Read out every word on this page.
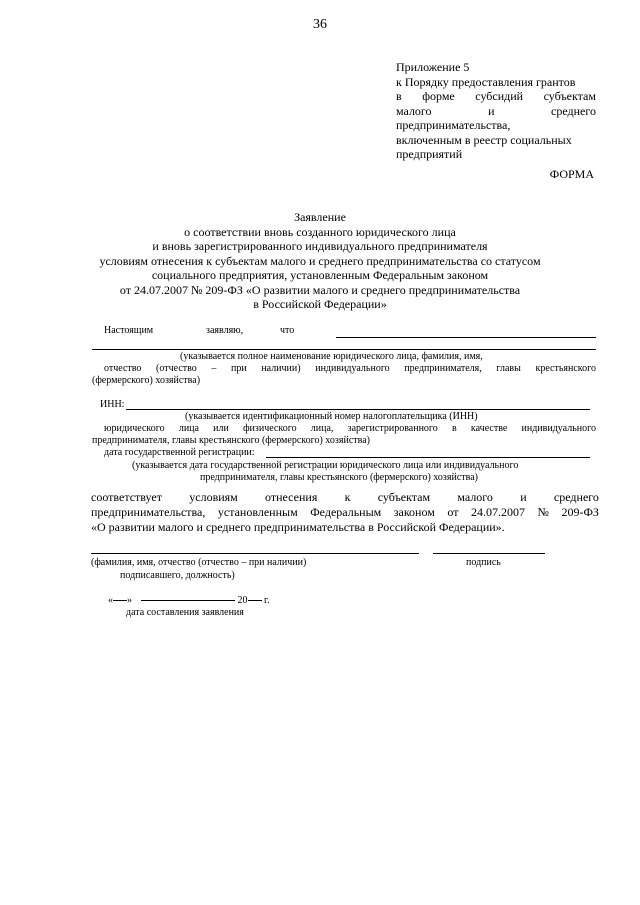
36
Приложение 5
к Порядку предоставления грантов
в форме субсидий субъектам
малого	и	среднего
предпринимательства,
включенным в реестр социальных
предприятий
ФОРМА
Заявление
о соответствии вновь созданного юридического лица
и вновь зарегистрированного индивидуального предпринимателя
условиям отнесения к субъектам малого и среднего предпринимательства со статусом
социального предприятия, установленным Федеральным законом
от 24.07.2007 № 209-ФЗ «О развитии малого и среднего предпринимательства
в Российской Федерации»
Настоящим	заявляю,	что
(указывается полное наименование юридического лица, фамилия, имя,
отчество (отчество – при наличии) индивидуального предпринимателя, главы крестьянского
(фермерского) хозяйства)
ИНН:
(указывается идентификационный номер налогоплательщика (ИНН)
юридического лица или физического лица, зарегистрированного в качестве индивидуального
предпринимателя, главы крестьянского (фермерского) хозяйства)
дата государственной регистрации:
(указывается дата государственной регистрации юридического лица или индивидуального
предпринимателя, главы крестьянского (фермерского) хозяйства)
соответствует условиям отнесения к субъектам малого и среднего
предпринимательства, установленным Федеральным законом от 24.07.2007 № 209-ФЗ
«О развитии малого и среднего предпринимательства в Российской Федерации».
(фамилия, имя, отчество (отчество – при наличии)	подпись
подписавшего, должность)
« »	20 г.
дата составления заявления
